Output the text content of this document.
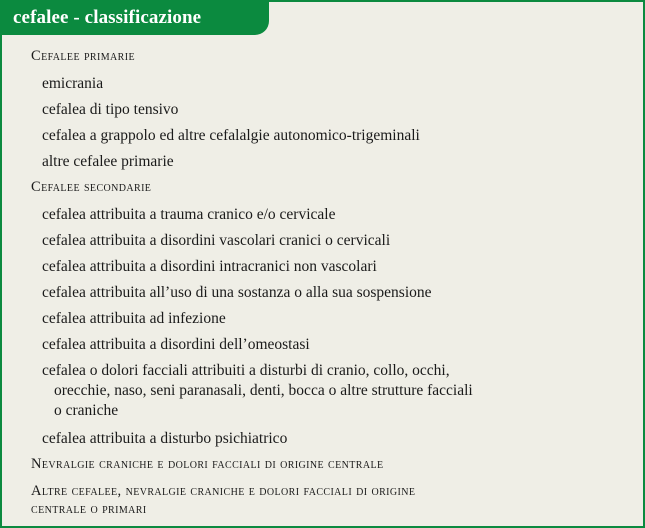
cefalee - classificazione
Cefalee primarie
emicrania
cefalea di tipo tensivo
cefalea a grappolo ed altre cefalalgie autonomico-trigeminali
altre cefalee primarie
Cefalee secondarie
cefalea attribuita a trauma cranico e/o cervicale
cefalea attribuita a disordini vascolari cranici o cervicali
cefalea attribuita a disordini intracranici non vascolari
cefalea attribuita all’uso di una sostanza o alla sua sospensione
cefalea attribuita ad infezione
cefalea attribuita a disordini dell’omeostasi
cefalea o dolori facciali attribuiti a disturbi di cranio, collo, occhi,
orecchie, naso, seni paranasali, denti, bocca o altre strutture facciali
o craniche
cefalea attribuita a disturbo psichiatrico
Nevralgie craniche e dolori facciali di origine centrale
Altre cefalee, nevralgie craniche e dolori facciali di origine
centrale o primari
